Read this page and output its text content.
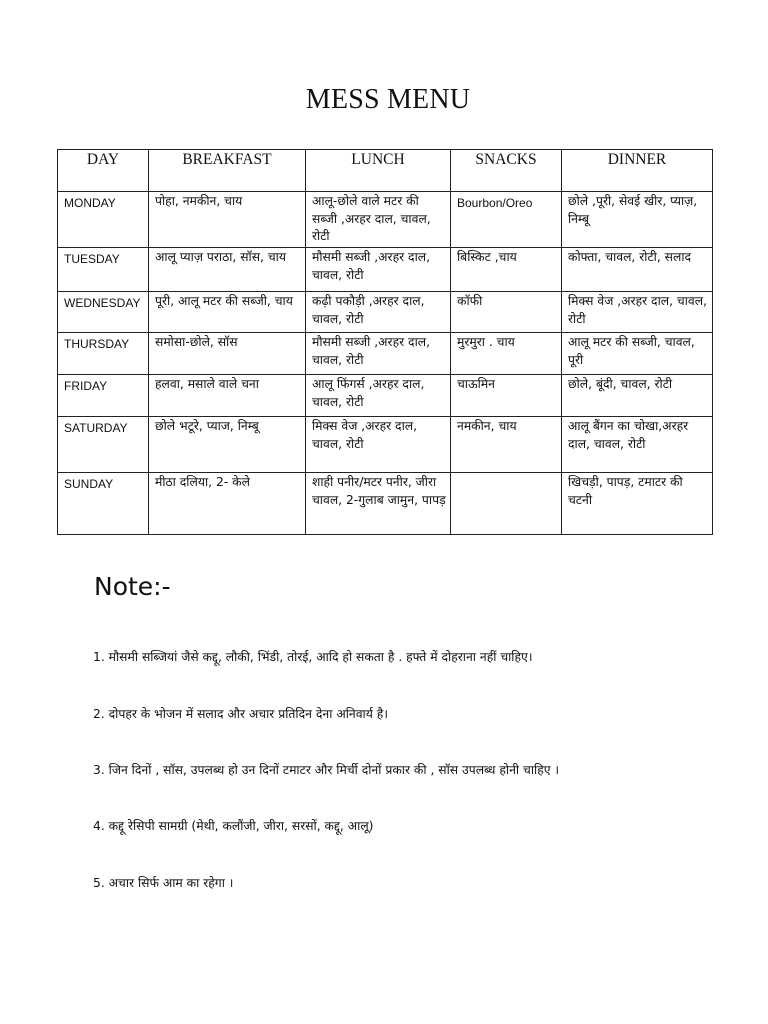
MESS MENU
DAY	BREAKFAST	LUNCH	SNACKS	DINNER
MONDAY	पोहा, नमकीन, चाय	आलू-छोले वाले मटर की सब्जी ,अरहर दाल, चावल, रोटी	Bourbon/Oreo	छोले ,पूरी, सेवई खीर, प्याज़, निम्बू
TUESDAY	आलू प्याज़ पराठा, सॉस, चाय	मौसमी सब्जी ,अरहर दाल, चावल, रोटी	बिस्किट ,चाय	कोफ्ता, चावल, रोटी, सलाद
WEDNESDAY	पूरी, आलू मटर की सब्जी, चाय	कढ़ी पकौड़ी ,अरहर दाल, चावल, रोटी	कॉफी	मिक्स वेज ,अरहर दाल, चावल, रोटी
THURSDAY	समोसा-छोले, सॉस	मौसमी सब्जी ,अरहर दाल, चावल, रोटी	मुरमुरा . चाय	आलू मटर की सब्जी, चावल, पूरी
FRIDAY	हलवा, मसाले वाले चना	आलू फिंगर्स ,अरहर दाल, चावल, रोटी	चाऊमिन	छोले, बूंदी, चावल, रोटी
SATURDAY	छोले भटूरे, प्याज, निम्बू	मिक्स वेज ,अरहर दाल, चावल, रोटी	नमकीन, चाय	आलू बैंगन का चोखा,अरहर दाल, चावल, रोटी
SUNDAY	मीठा दलिया, 2- केले	शाही पनीर/मटर पनीर, जीरा चावल, 2-गुलाब जामुन, पापड़		खिचड़ी, पापड़, टमाटर की चटनी
Note:-
1. मौसमी सब्जियां जैसे कद्दू, लौकी, भिंडी, तोरई, आदि हो सकता है . हफ्ते में दोहराना नहीं चाहिए।
2. दोपहर के भोजन में सलाद और अचार प्रतिदिन देना अनिवार्य है।
3. जिन दिनों , सॉस, उपलब्ध हो उन दिनों टमाटर और मिर्ची दोनों प्रकार की , सॉस उपलब्ध होनी चाहिए ।
4. कद्दू रेसिपी सामग्री (मेथी, कलौंजी, जीरा, सरसों, कद्दू, आलू)
5. अचार सिर्फ आम का रहेगा ।
